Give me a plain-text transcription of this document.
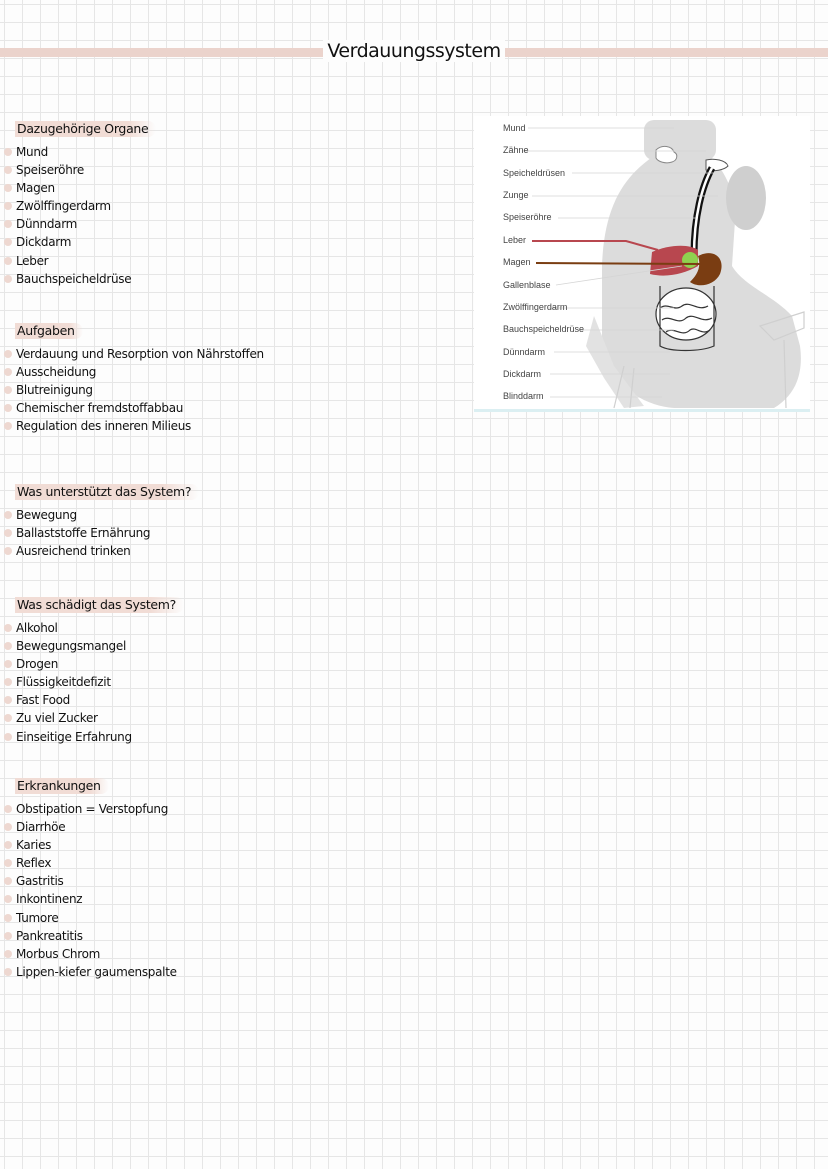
Verdauungssystem
Dazugehörige Organe
Mund
Speiseröhre
Magen
Zwölffingerdarm
Dünndarm
Dickdarm
Leber
Bauchspeicheldrüse
Aufgaben
Verdauung und Resorption von Nährstoffen
Ausscheidung
Blutreinigung
Chemischer fremdstoffabbau
Regulation des inneren Milieus
Was unterstützt das System?
Bewegung
Ballaststoffe Ernährung
Ausreichend trinken
Was schädigt das System?
Alkohol
Bewegungsmangel
Drogen
Flüssigkeitdefizit
Fast Food
Zu viel Zucker
Einseitige Erfahrung
Erkrankungen
Obstipation = Verstopfung
Diarrhöe
Karies
Reflex
Gastritis
Inkontinenz
Tumore
Pankreatitis
Morbus Chrom
Lippen-kiefer gaumenspalte
Mund
Zähne
Speicheldrüsen
Zunge
Speiseröhre
Leber
Magen
Gallenblase
Zwölffingerdarm
Bauchspeicheldrüse
Dünndarm
Dickdarm
Blinddarm
